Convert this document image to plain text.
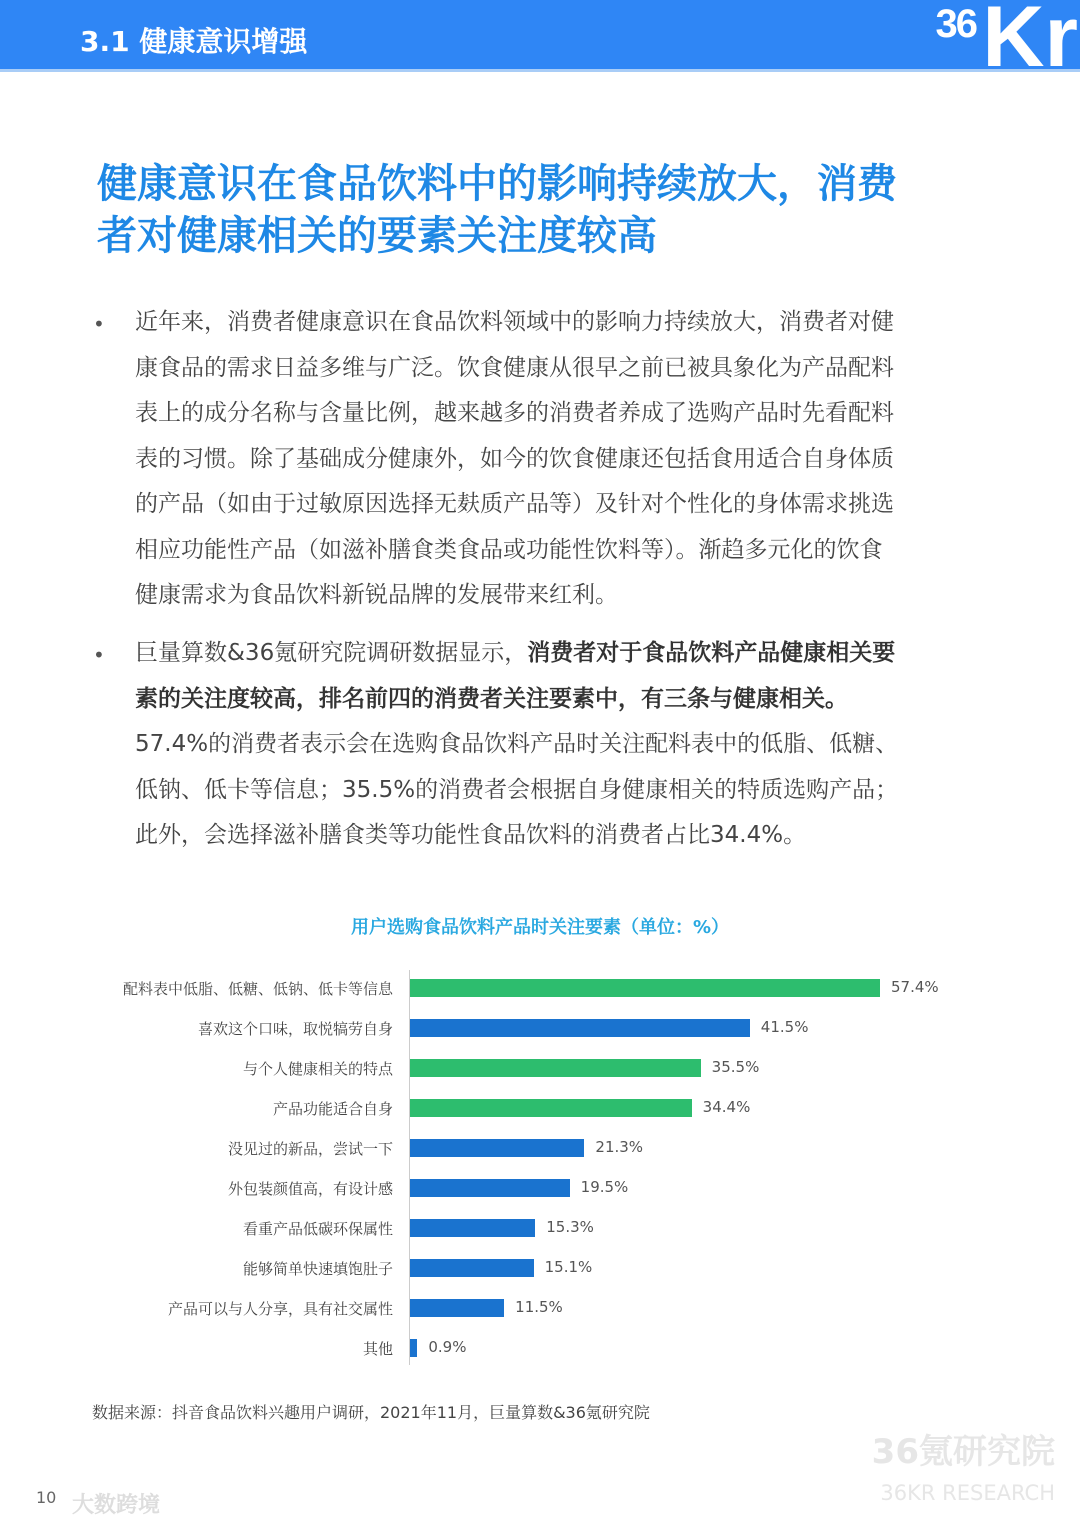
3.1 健康意识增强	36 Kr
健康意识在食品饮料中的影响持续放大，消费
者对健康相关的要素关注度较高
• 近年来，消费者健康意识在食品饮料领域中的影响力持续放大，消费者对健
康食品的需求日益多维与广泛。饮食健康从很早之前已被具象化为产品配料
表上的成分名称与含量比例，越来越多的消费者养成了选购产品时先看配料
表的习惯。除了基础成分健康外，如今的饮食健康还包括食用适合自身体质
的产品（如由于过敏原因选择无麸质产品等）及针对个性化的身体需求挑选
相应功能性产品（如滋补膳食类食品或功能性饮料等）。渐趋多元化的饮食
健康需求为食品饮料新锐品牌的发展带来红利。
• 巨量算数&36氪研究院调研数据显示，消费者对于食品饮料产品健康相关要
素的关注度较高，排名前四的消费者关注要素中，有三条与健康相关。
57.4%的消费者表示会在选购食品饮料产品时关注配料表中的低脂、低糖、
低钠、低卡等信息；35.5%的消费者会根据自身健康相关的特质选购产品；
此外，会选择滋补膳食类等功能性食品饮料的消费者占比34.4%。
用户选购食品饮料产品时关注要素（单位：%）
配料表中低脂、低糖、低钠、低卡等信息	57.4%
喜欢这个口味，取悦犒劳自身	41.5%
与个人健康相关的特点	35.5%
产品功能适合自身	34.4%
没见过的新品，尝试一下	21.3%
外包装颜值高，有设计感	19.5%
看重产品低碳环保属性	15.3%
能够简单快速填饱肚子	15.1%
产品可以与人分享，具有社交属性	11.5%
其他 0.9%
数据来源：抖音食品饮料兴趣用户调研，2021年11月，巨量算数&36氪研究院
36氪研究院
36KR RESEARCH
10 大数跨境
